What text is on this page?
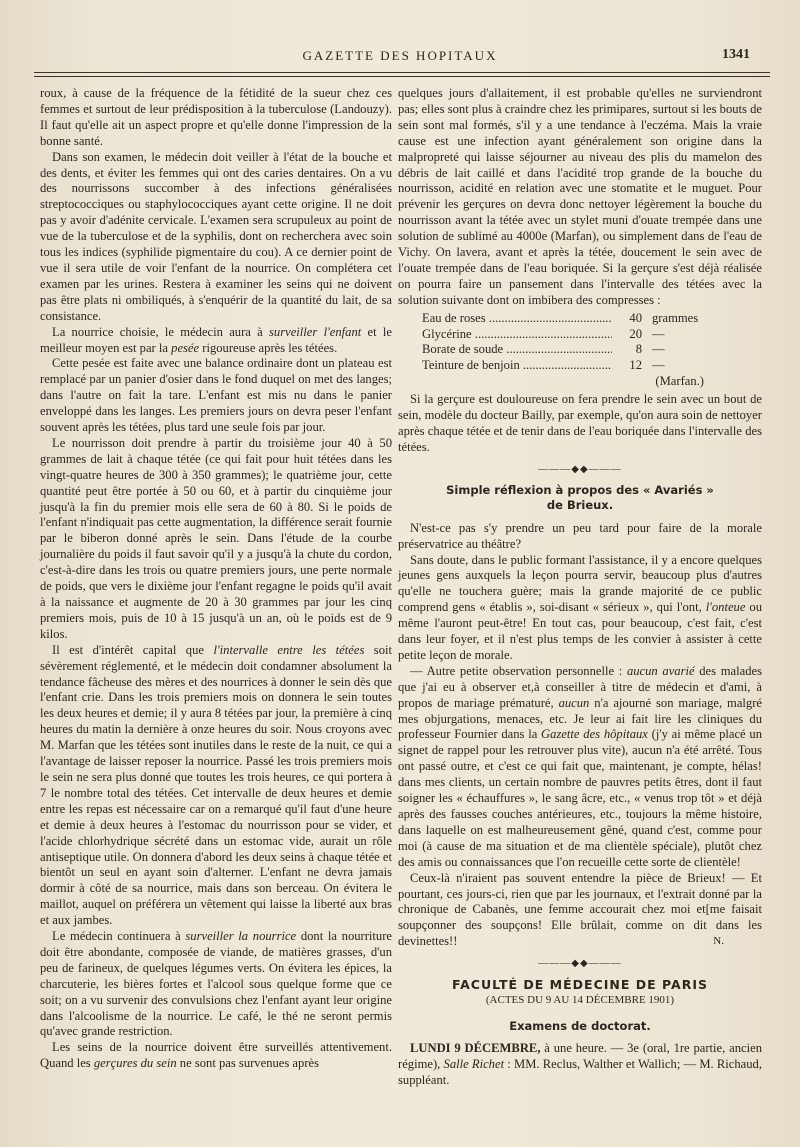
GAZETTE DES HOPITAUX	1341

roux, à cause de la fréquence de la fétidité de la sueur chez ces femmes et surtout de leur prédisposition à la tuberculose (Landouzy). Il faut qu'elle ait un aspect propre et qu'elle donne l'impression de la bonne santé.

Dans son examen, le médecin doit veiller à l'état de la bouche et des dents, et éviter les femmes qui ont des caries dentaires. On a vu des nourrissons succomber à des infections généralisées streptococciques ou staphylococciques ayant cette origine. Il ne doit pas y avoir d'adénite cervicale. L'examen sera scrupuleux au point de vue de la tuberculose et de la syphilis, dont on recherchera avec soin tous les indices (syphilide pigmentaire du cou). A ce dernier point de vue il sera utile de voir l'enfant de la nourrice. On complétera cet examen par les urines. Restera à examiner les seins qui ne doivent pas être plats ni ombiliqués, à s'enquérir de la quantité du lait, de sa consistance.

La nourrice choisie, le médecin aura à surveiller l'enfant et le meilleur moyen est par la pesée rigoureuse après les tétées.

Cette pesée est faite avec une balance ordinaire dont un plateau est remplacé par un panier d'osier dans le fond duquel on met des langes; dans l'autre on fait la tare. L'enfant est mis nu dans le panier enveloppé dans les langes. Les premiers jours on devra peser l'enfant souvent après les tétées, plus tard une seule fois par jour.

Le nourrisson doit prendre à partir du troisième jour 40 à 50 grammes de lait à chaque tétée (ce qui fait pour huit tétées dans les vingt-quatre heures de 300 à 350 grammes); le quatrième jour, cette quantité peut être portée à 50 ou 60, et à partir du cinquième jour jusqu'à la fin du premier mois elle sera de 60 à 80. Si le poids de l'enfant n'indiquait pas cette augmentation, la différence serait fournie par le biberon donné après le sein. Dans l'étude de la courbe journalière du poids il faut savoir qu'il y a jusqu'à la chute du cordon, c'est-à-dire dans les trois ou quatre premiers jours, une perte normale de poids, que vers le dixième jour l'enfant regagne le poids qu'il avait à la naissance et augmente de 20 à 30 grammes par jour les cinq premiers mois, puis de 10 à 15 jusqu'à un an, où le poids est de 9 kilos.

Il est d'intérêt capital que l'intervalle entre les tétées soit sévèrement réglementé, et le médecin doit condamner absolument la tendance fâcheuse des mères et des nourrices à donner le sein dès que l'enfant crie. Dans les trois premiers mois on donnera le sein toutes les deux heures et demie; il y aura 8 tétées par jour, la première à cinq heures du matin la dernière à onze heures du soir. Nous croyons avec M. Marfan que les tétées sont inutiles dans le reste de la nuit, ce qui a l'avantage de laisser reposer la nourrice. Passé les trois premiers mois le sein ne sera plus donné que toutes les trois heures, ce qui portera à 7 le nombre total des tétées. Cet intervalle de deux heures et demie entre les repas est nécessaire car on a remarqué qu'il faut d'une heure et demie à deux heures à l'estomac du nourrisson pour se vider, et l'acide chlorhydrique sécrété dans un estomac vide, aurait un rôle antiseptique utile. On donnera d'abord les deux seins à chaque tétée et bientôt un seul en ayant soin d'alterner. L'enfant ne devra jamais dormir à côté de sa nourrice, mais dans son berceau. On évitera le maillot, auquel on préférera un vêtement qui laisse la liberté aux bras et aux jambes.

Le médecin continuera à surveiller la nourrice dont la nourriture doit être abondante, composée de viande, de matières grasses, d'un peu de farineux, de quelques légumes verts. On évitera les épices, la charcuterie, les bières fortes et l'alcool sous quelque forme que ce soit; on a vu survenir des convulsions chez l'enfant ayant leur origine dans l'alcoolisme de la nourrice. Le café, le thé ne seront permis qu'avec grande restriction.

Les seins de la nourrice doivent être surveillés attentivement. Quand les gerçures du sein ne sont pas survenues après

quelques jours d'allaitement, il est probable qu'elles ne surviendront pas; elles sont plus à craindre chez les primipares, surtout si les bouts de sein sont mal formés, s'il y a une tendance à l'eczéma. Mais la vraie cause est une infection ayant généralement son origine dans la malpropreté qui laisse séjourner au niveau des plis du mamelon des débris de lait caillé et dans l'acidité trop grande de la bouche du nourrisson, acidité en relation avec une stomatite et le muguet. Pour prévenir les gerçures on devra donc nettoyer légèrement la bouche du nourrisson avant la tétée avec un stylet muni d'ouate trempée dans une solution de sublimé au 4000e (Marfan), ou simplement dans de l'eau de Vichy. On lavera, avant et après la tétée, doucement le sein avec de l'ouate trempée dans de l'eau boriquée. Si la gerçure s'est déjà réalisée on pourra faire un pansement dans l'intervalle des tétées avec la solution suivante dont on imbibera des compresses :

Eau de roses .....	40 grammes
Glycérine .....	20 —
Borate de soude .....	8 —
Teinture de benjoin .....	12 —
(Marfan.)

Si la gerçure est douloureuse on fera prendre le sein avec un bout de sein, modèle du docteur Bailly, par exemple, qu'on aura soin de nettoyer après chaque tétée et de tenir dans de l'eau boriquée dans l'intervalle des tétées.

———◆◆———
Simple réflexion à propos des « Avariés »
de Brieux.

N'est-ce pas s'y prendre un peu tard pour faire de la morale préservatrice au théâtre?

Sans doute, dans le public formant l'assistance, il y a encore quelques jeunes gens auxquels la leçon pourra servir, beaucoup plus d'autres qu'elle ne touchera guère; mais la grande majorité de ce public comprend gens « établis », soi-disant « sérieux », qui l'ont, l'onteue ou même l'auront peut-être! En tout cas, pour beaucoup, c'est fait, c'est dans leur foyer, et il n'est plus temps de les convier à assister à cette petite leçon de morale.

— Autre petite observation personnelle : aucun avarié des malades que j'ai eu à observer et,à conseiller à titre de médecin et d'ami, à propos de mariage prématuré, aucun n'a ajourné son mariage, malgré mes objurgations, menaces, etc. Je leur ai fait lire les cliniques du professeur Fournier dans la Gazette des hôpitaux (j'y ai même placé un signet de rappel pour les retrouver plus vite), aucun n'a été arrêté. Tous ont passé outre, et c'est ce qui fait que, maintenant, je compte, hélas! dans mes clients, un certain nombre de pauvres petits êtres, dont il faut soigner les « échauffures », le sang âcre, etc., « venus trop tôt » et déjà après des fausses couches antérieures, etc., toujours la même histoire, dans laquelle on est malheureusement gêné, quand c'est, comme pour moi (à cause de ma situation et de ma clientèle spéciale), plutôt chez des amis ou connaissances que l'on recueille cette sorte de clientèle!

Ceux-là n'iraient pas souvent entendre la pièce de Brieux! — Et pourtant, ces jours-ci, rien que par les journaux, et l'extrait donné par la chronique de Cabanès, une femme accourait chez moi et[me faisait soupçonner des soupçons! Elle brûlait, comme on dit dans les devinettes!!	N.

———◆◆———
FACULTÉ DE MÉDECINE DE PARIS
(ACTES DU 9 AU 14 DÉCEMBRE 1901)
Examens de doctorat.

LUNDI 9 DÉCEMBRE, à une heure. — 3e (oral, 1re partie, ancien régime), Salle Richet : MM. Reclus, Walther et Wallich; — M. Richaud, suppléant.
